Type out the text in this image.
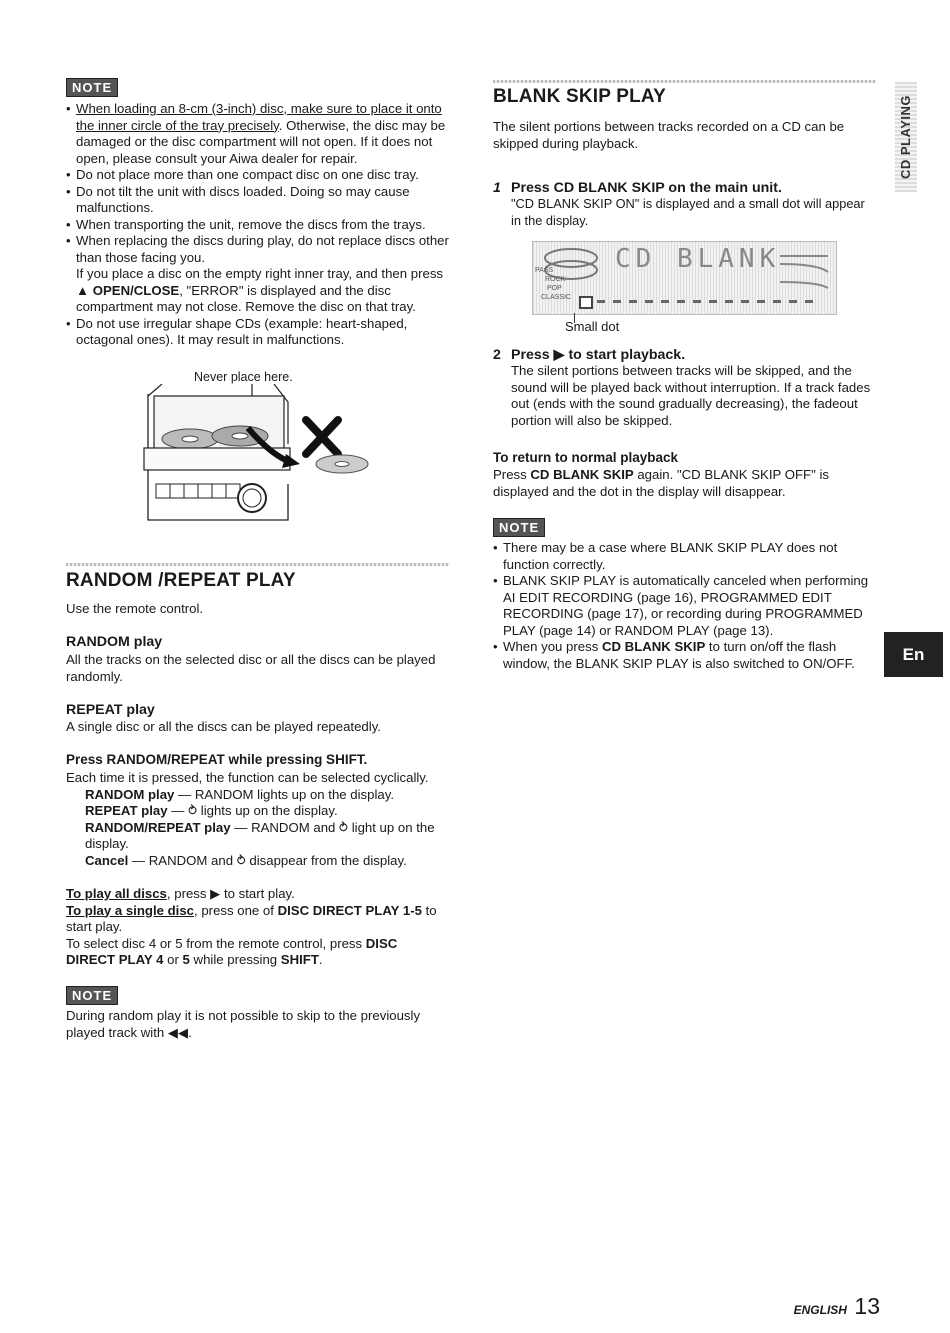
NOTE
• When loading an 8-cm (3-inch) disc, make sure to place it onto the inner circle of the tray precisely. Otherwise, the disc may be damaged or the disc compartment will not open. If it does not open, please consult your Aiwa dealer for repair.
• Do not place more than one compact disc on one disc tray.
• Do not tilt the unit with discs loaded. Doing so may cause malfunctions.
• When transporting the unit, remove the discs from the trays.
• When replacing the discs during play, do not replace discs other than those facing you.
If you place a disc on the empty right inner tray, and then press ▲ OPEN/CLOSE, "ERROR" is displayed and the disc compartment may not close. Remove the disc on that tray.
• Do not use irregular shape CDs (example: heart-shaped, octagonal ones). It may result in malfunctions.
Never place here.
RANDOM /REPEAT PLAY
Use the remote control.
RANDOM play
All the tracks on the selected disc or all the discs can be played randomly.
REPEAT play
A single disc or all the discs can be played repeatedly.
Press RANDOM/REPEAT while pressing SHIFT.
Each time it is pressed, the function can be selected cyclically.
RANDOM play — RANDOM lights up on the display.
REPEAT play — ⥁ lights up on the display.
RANDOM/REPEAT play — RANDOM and ⥁ light up on the display.
Cancel — RANDOM and ⥁ disappear from the display.
To play all discs, press ▶ to start play.
To play a single disc, press one of DISC DIRECT PLAY 1-5 to start play.
To select disc 4 or 5 from the remote control, press DISC DIRECT PLAY 4 or 5 while pressing SHIFT.
NOTE
During random play it is not possible to skip to the previously played track with ◀◀.
BLANK SKIP PLAY
The silent portions between tracks recorded on a CD can be skipped during playback.
1 Press CD BLANK SKIP on the main unit.
"CD BLANK SKIP ON" is displayed and a small dot will appear in the display.
CD BLANK
PASS
ROCK
POP
CLASSIC
Small dot
2 Press ▶ to start playback.
The silent portions between tracks will be skipped, and the sound will be played back without interruption. If a track fades out (ends with the sound gradually decreasing), the fadeout portion will also be skipped.
To return to normal playback
Press CD BLANK SKIP again. "CD BLANK SKIP OFF" is displayed and the dot in the display will disappear.
NOTE
• There may be a case where BLANK SKIP PLAY does not function correctly.
• BLANK SKIP PLAY is automatically canceled when performing AI EDIT RECORDING (page 16), PROGRAMMED EDIT RECORDING (page 17), or recording during PROGRAMMED PLAY (page 14) or RANDOM PLAY (page 13).
• When you press CD BLANK SKIP to turn on/off the flash window, the BLANK SKIP PLAY is also switched to ON/OFF.
CD PLAYING
En
ENGLISH 13
